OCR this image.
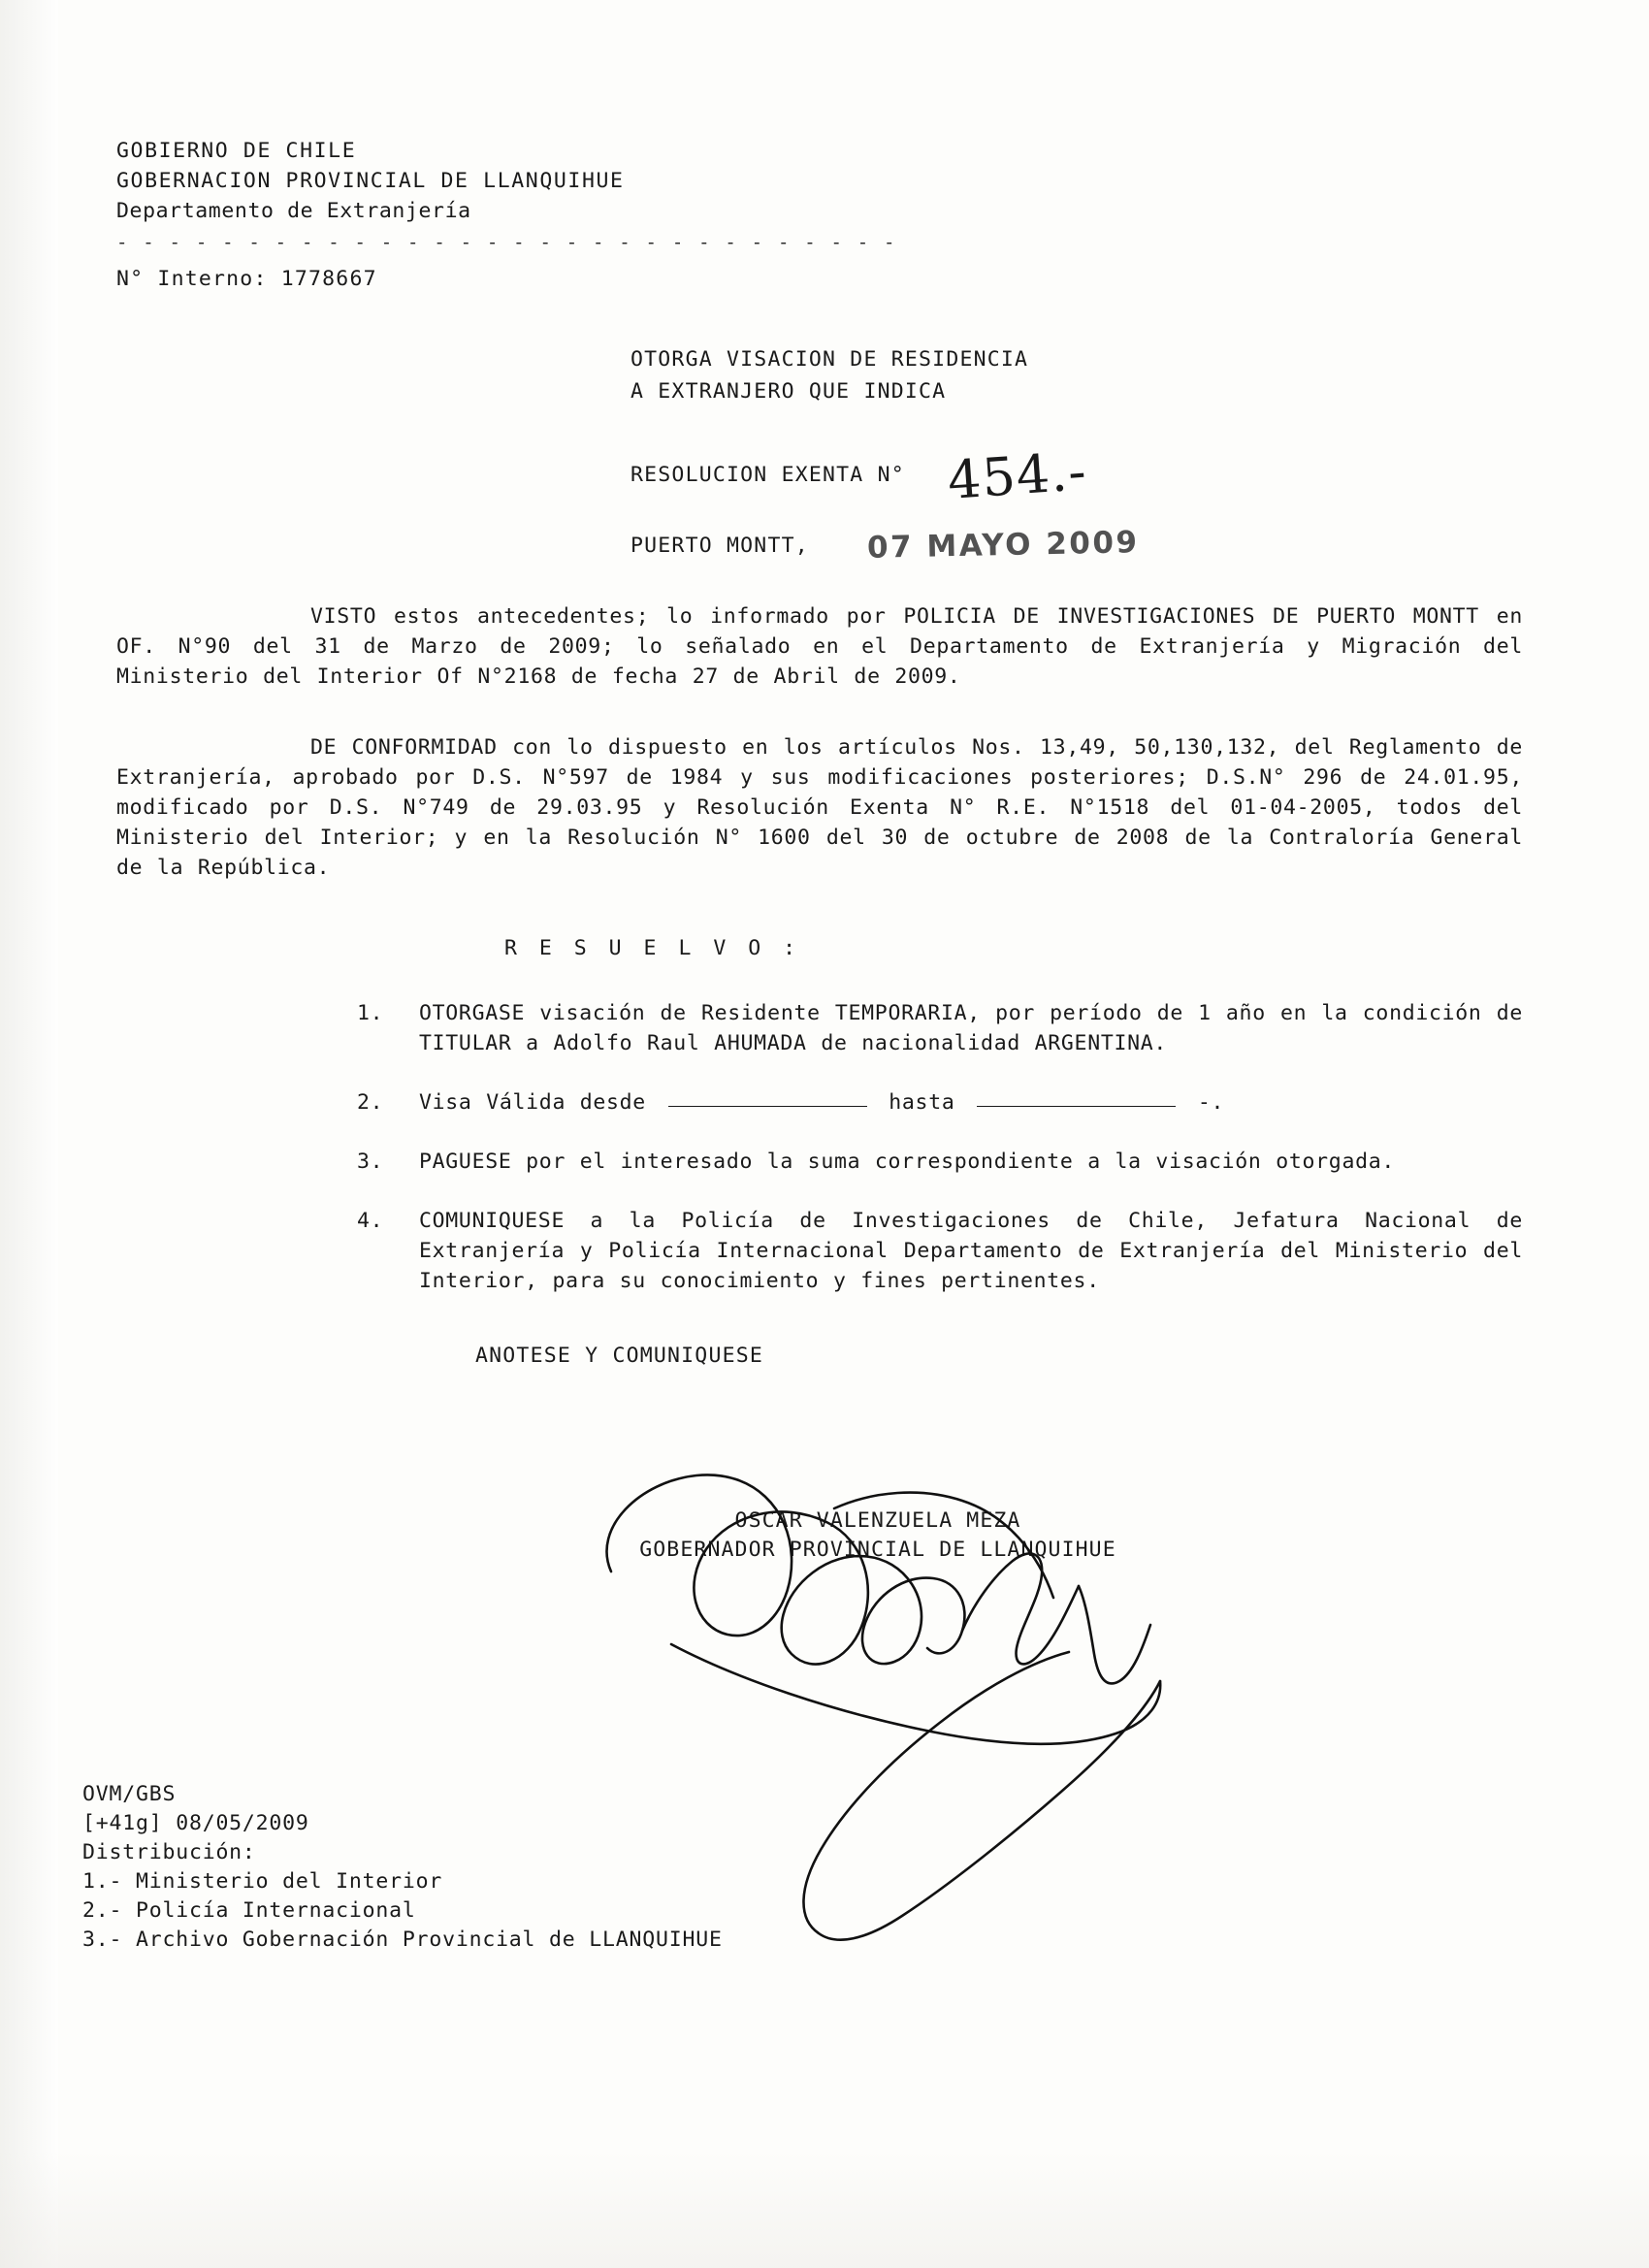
GOBIERNO DE CHILE
GOBERNACION PROVINCIAL DE LLANQUIHUE
Departamento de Extranjería
- - - - - - - - - - - - - - - - - - - - - - - - - - - - - -
N° Interno: 1778667
OTORGA VISACION DE RESIDENCIA
A EXTRANJERO QUE INDICA
RESOLUCION EXENTA N° 454.-
PUERTO MONTT, 07 MAYO 2009
VISTO estos antecedentes; lo informado por POLICIA DE INVESTIGACIONES DE PUERTO MONTT en OF. N°90 del 31 de Marzo de 2009; lo señalado en el Departamento de Extranjería y Migración del Ministerio del Interior Of N°2168 de fecha 27 de Abril de 2009.
DE CONFORMIDAD con lo dispuesto en los artículos Nos. 13,49, 50,130,132, del Reglamento de Extranjería, aprobado por D.S. N°597 de 1984 y sus modificaciones posteriores; D.S.N° 296 de 24.01.95, modificado por D.S. N°749 de 29.03.95 y Resolución Exenta N° R.E. N°1518 del 01-04-2005, todos del Ministerio del Interior; y en la Resolución N° 1600 del 30 de octubre de 2008 de la Contraloría General de la República.
R E S U E L V O :
1.	OTORGASE visación de Residente TEMPORARIA, por período de 1 año en la condición de TITULAR a Adolfo Raul AHUMADA de nacionalidad ARGENTINA.
2.	Visa Válida desde	hasta	-.
3.	PAGUESE por el interesado la suma correspondiente a la visación otorgada.
4.	COMUNIQUESE a la Policía de Investigaciones de Chile, Jefatura Nacional de Extranjería y Policía Internacional Departamento de Extranjería del Ministerio del Interior, para su conocimiento y fines pertinentes.
ANOTESE Y COMUNIQUESE
OSCAR VALENZUELA MEZA
GOBERNADOR PROVINCIAL DE LLANQUIHUE
OVM/GBS
[+41g] 08/05/2009
Distribución:
1.- Ministerio del Interior
2.- Policía Internacional
3.- Archivo Gobernación Provincial de LLANQUIHUE
